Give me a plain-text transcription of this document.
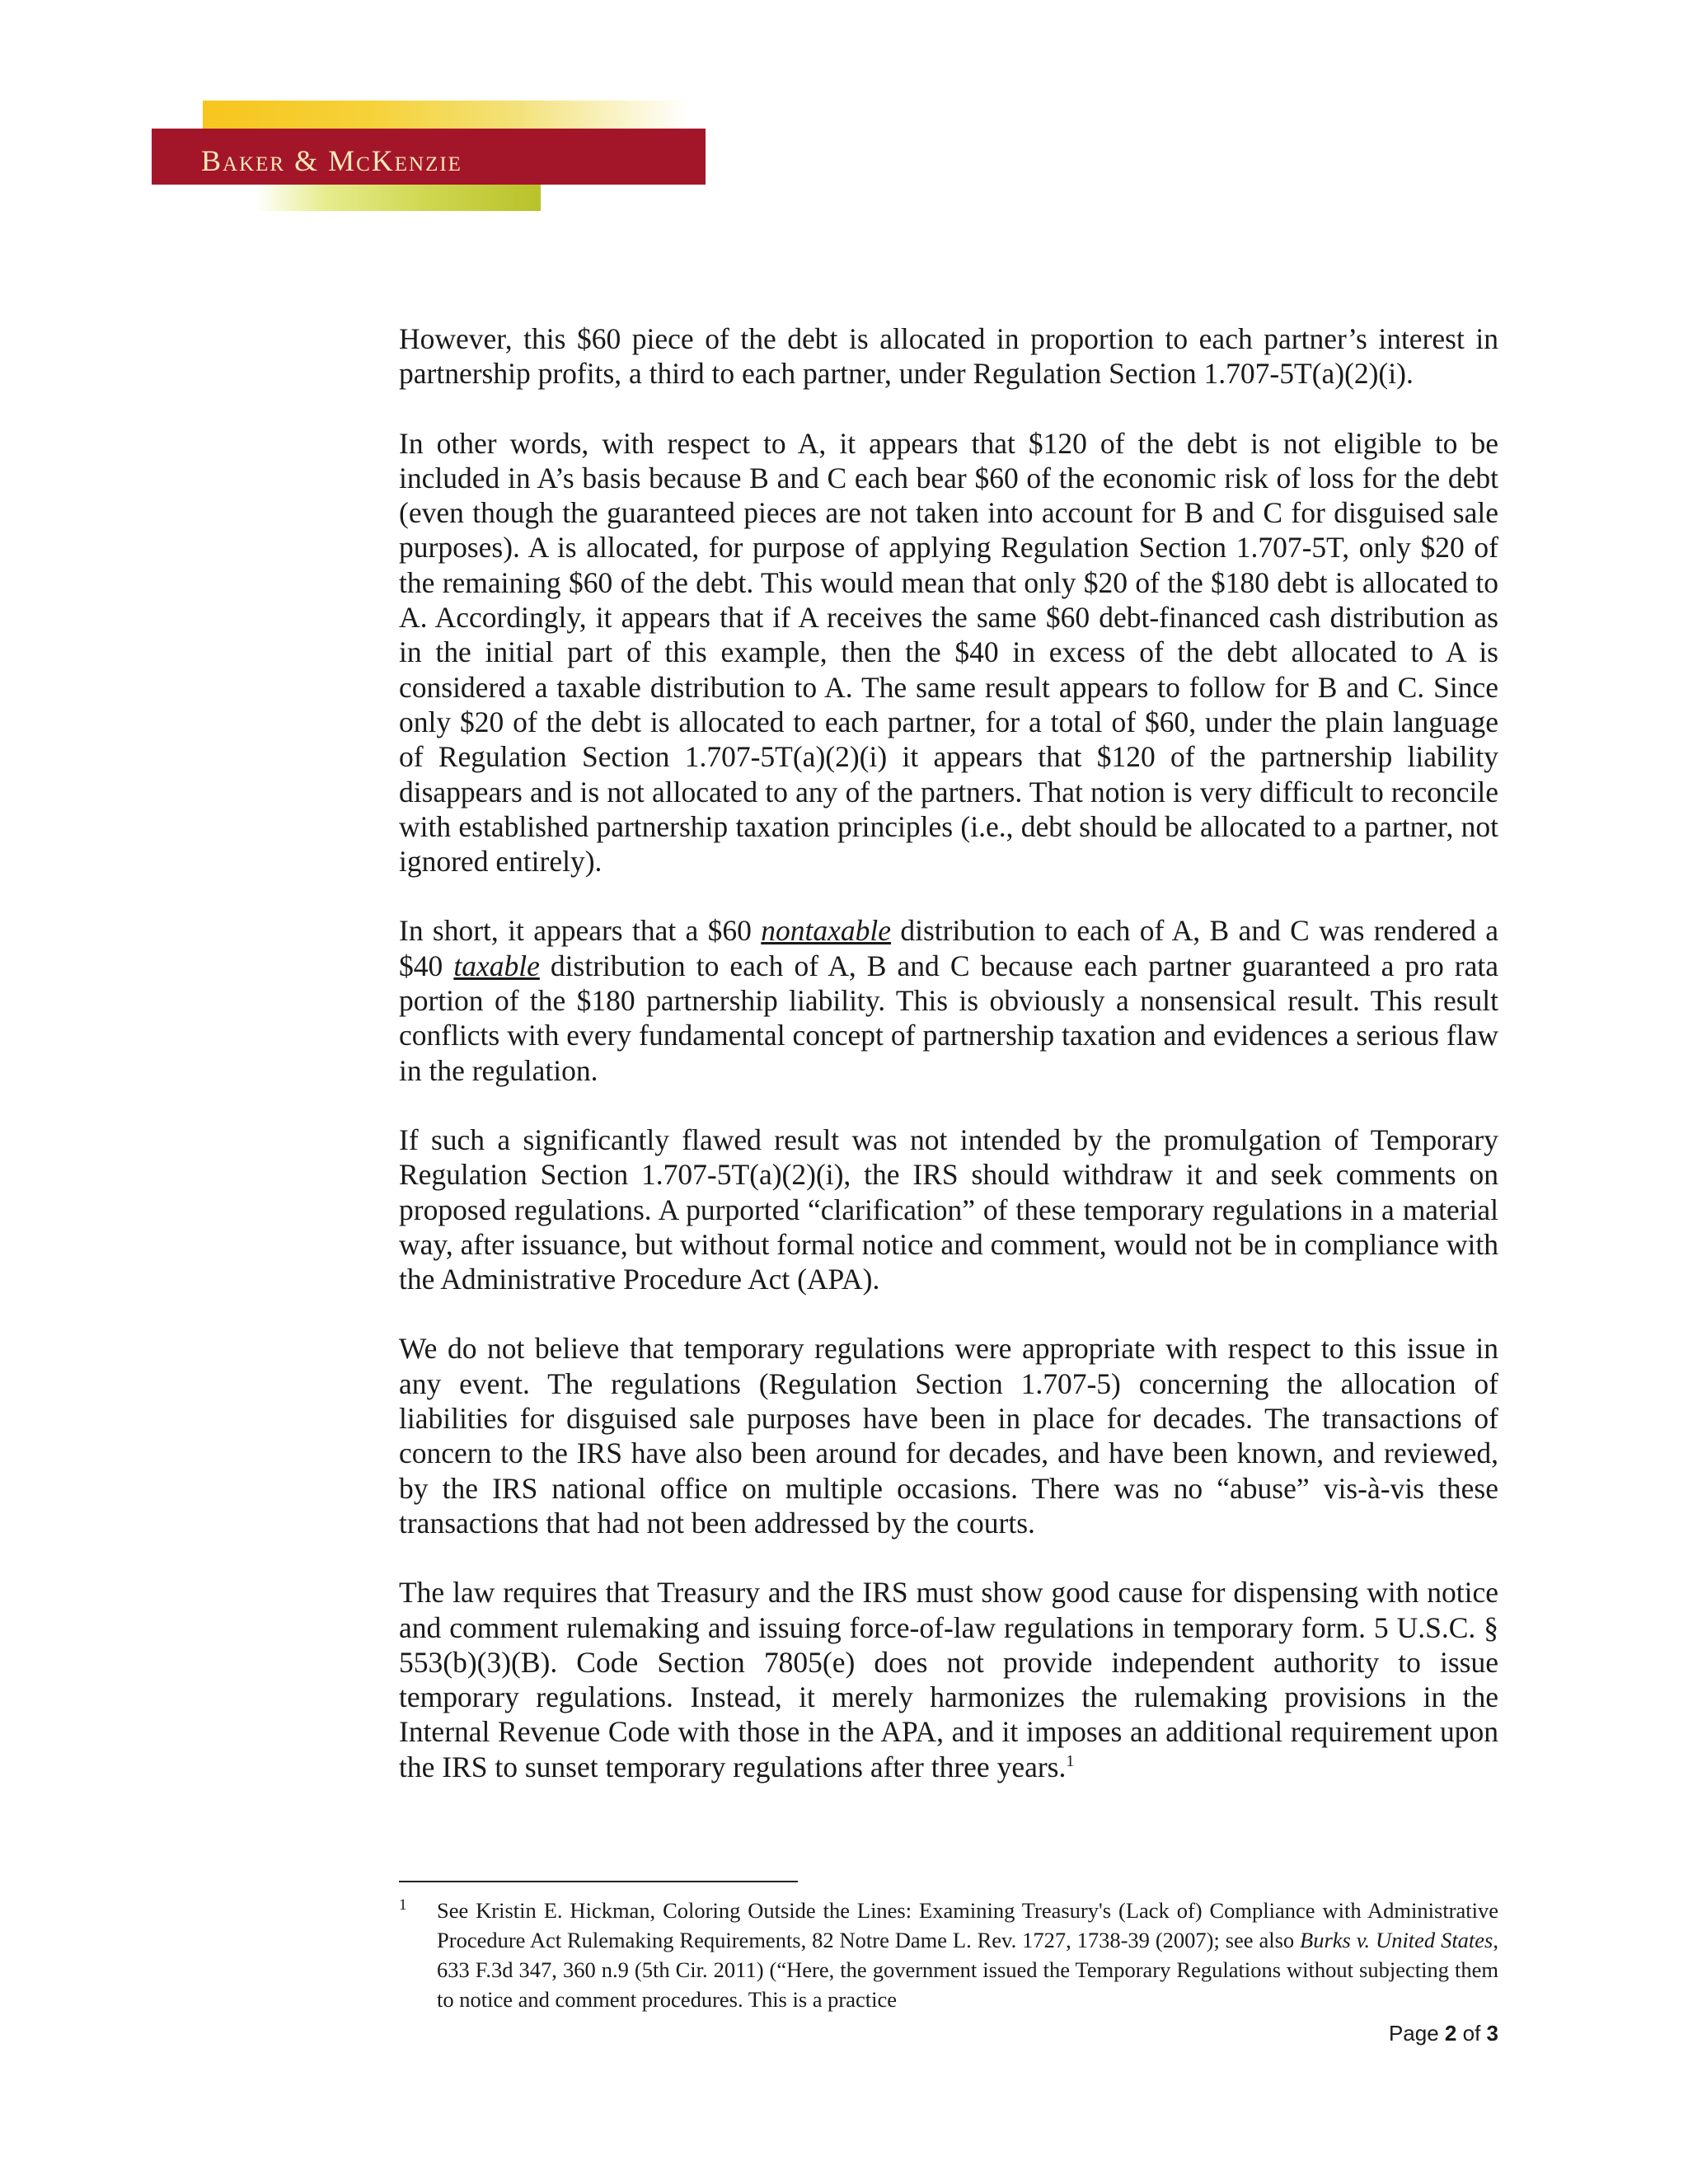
Baker & McKenzie

However, this $60 piece of the debt is allocated in proportion to each partner’s interest in partnership profits, a third to each partner, under Regulation Section 1.707-5T(a)(2)(i).

In other words, with respect to A, it appears that $120 of the debt is not eligible to be included in A’s basis because B and C each bear $60 of the economic risk of loss for the debt (even though the guaranteed pieces are not taken into account for B and C for disguised sale purposes). A is allocated, for purpose of applying Regulation Section 1.707-5T, only $20 of the remaining $60 of the debt. This would mean that only $20 of the $180 debt is allocated to A. Accordingly, it appears that if A receives the same $60 debt-financed cash distribution as in the initial part of this example, then the $40 in excess of the debt allocated to A is considered a taxable distribution to A. The same result appears to follow for B and C. Since only $20 of the debt is allocated to each partner, for a total of $60, under the plain language of Regulation Section 1.707-5T(a)(2)(i) it appears that $120 of the partnership liability disappears and is not allocated to any of the partners. That notion is very difficult to reconcile with established partnership taxation principles (i.e., debt should be allocated to a partner, not ignored entirely).

In short, it appears that a $60 nontaxable distribution to each of A, B and C was rendered a $40 taxable distribution to each of A, B and C because each partner guaranteed a pro rata portion of the $180 partnership liability. This is obviously a nonsensical result. This result conflicts with every fundamental concept of partnership taxation and evidences a serious flaw in the regulation.

If such a significantly flawed result was not intended by the promulgation of Temporary Regulation Section 1.707-5T(a)(2)(i), the IRS should withdraw it and seek comments on proposed regulations. A purported “clarification” of these temporary regulations in a material way, after issuance, but without formal notice and comment, would not be in compliance with the Administrative Procedure Act (APA).

We do not believe that temporary regulations were appropriate with respect to this issue in any event. The regulations (Regulation Section 1.707-5) concerning the allocation of liabilities for disguised sale purposes have been in place for decades. The transactions of concern to the IRS have also been around for decades, and have been known, and reviewed, by the IRS national office on multiple occasions. There was no “abuse” vis-à-vis these transactions that had not been addressed by the courts.

The law requires that Treasury and the IRS must show good cause for dispensing with notice and comment rulemaking and issuing force-of-law regulations in temporary form. 5 U.S.C. § 553(b)(3)(B). Code Section 7805(e) does not provide independent authority to issue temporary regulations. Instead, it merely harmonizes the rulemaking provisions in the Internal Revenue Code with those in the APA, and it imposes an additional requirement upon the IRS to sunset temporary regulations after three years.$^1$

1 See Kristin E. Hickman, Coloring Outside the Lines: Examining Treasury's (Lack of) Compliance with Administrative Procedure Act Rulemaking Requirements, 82 Notre Dame L. Rev. 1727, 1738-39 (2007); see also Burks v. United States, 633 F.3d 347, 360 n.9 (5th Cir. 2011) (“Here, the government issued the Temporary Regulations without subjecting them to notice and comment procedures. This is a practice
Page 2 of 3
